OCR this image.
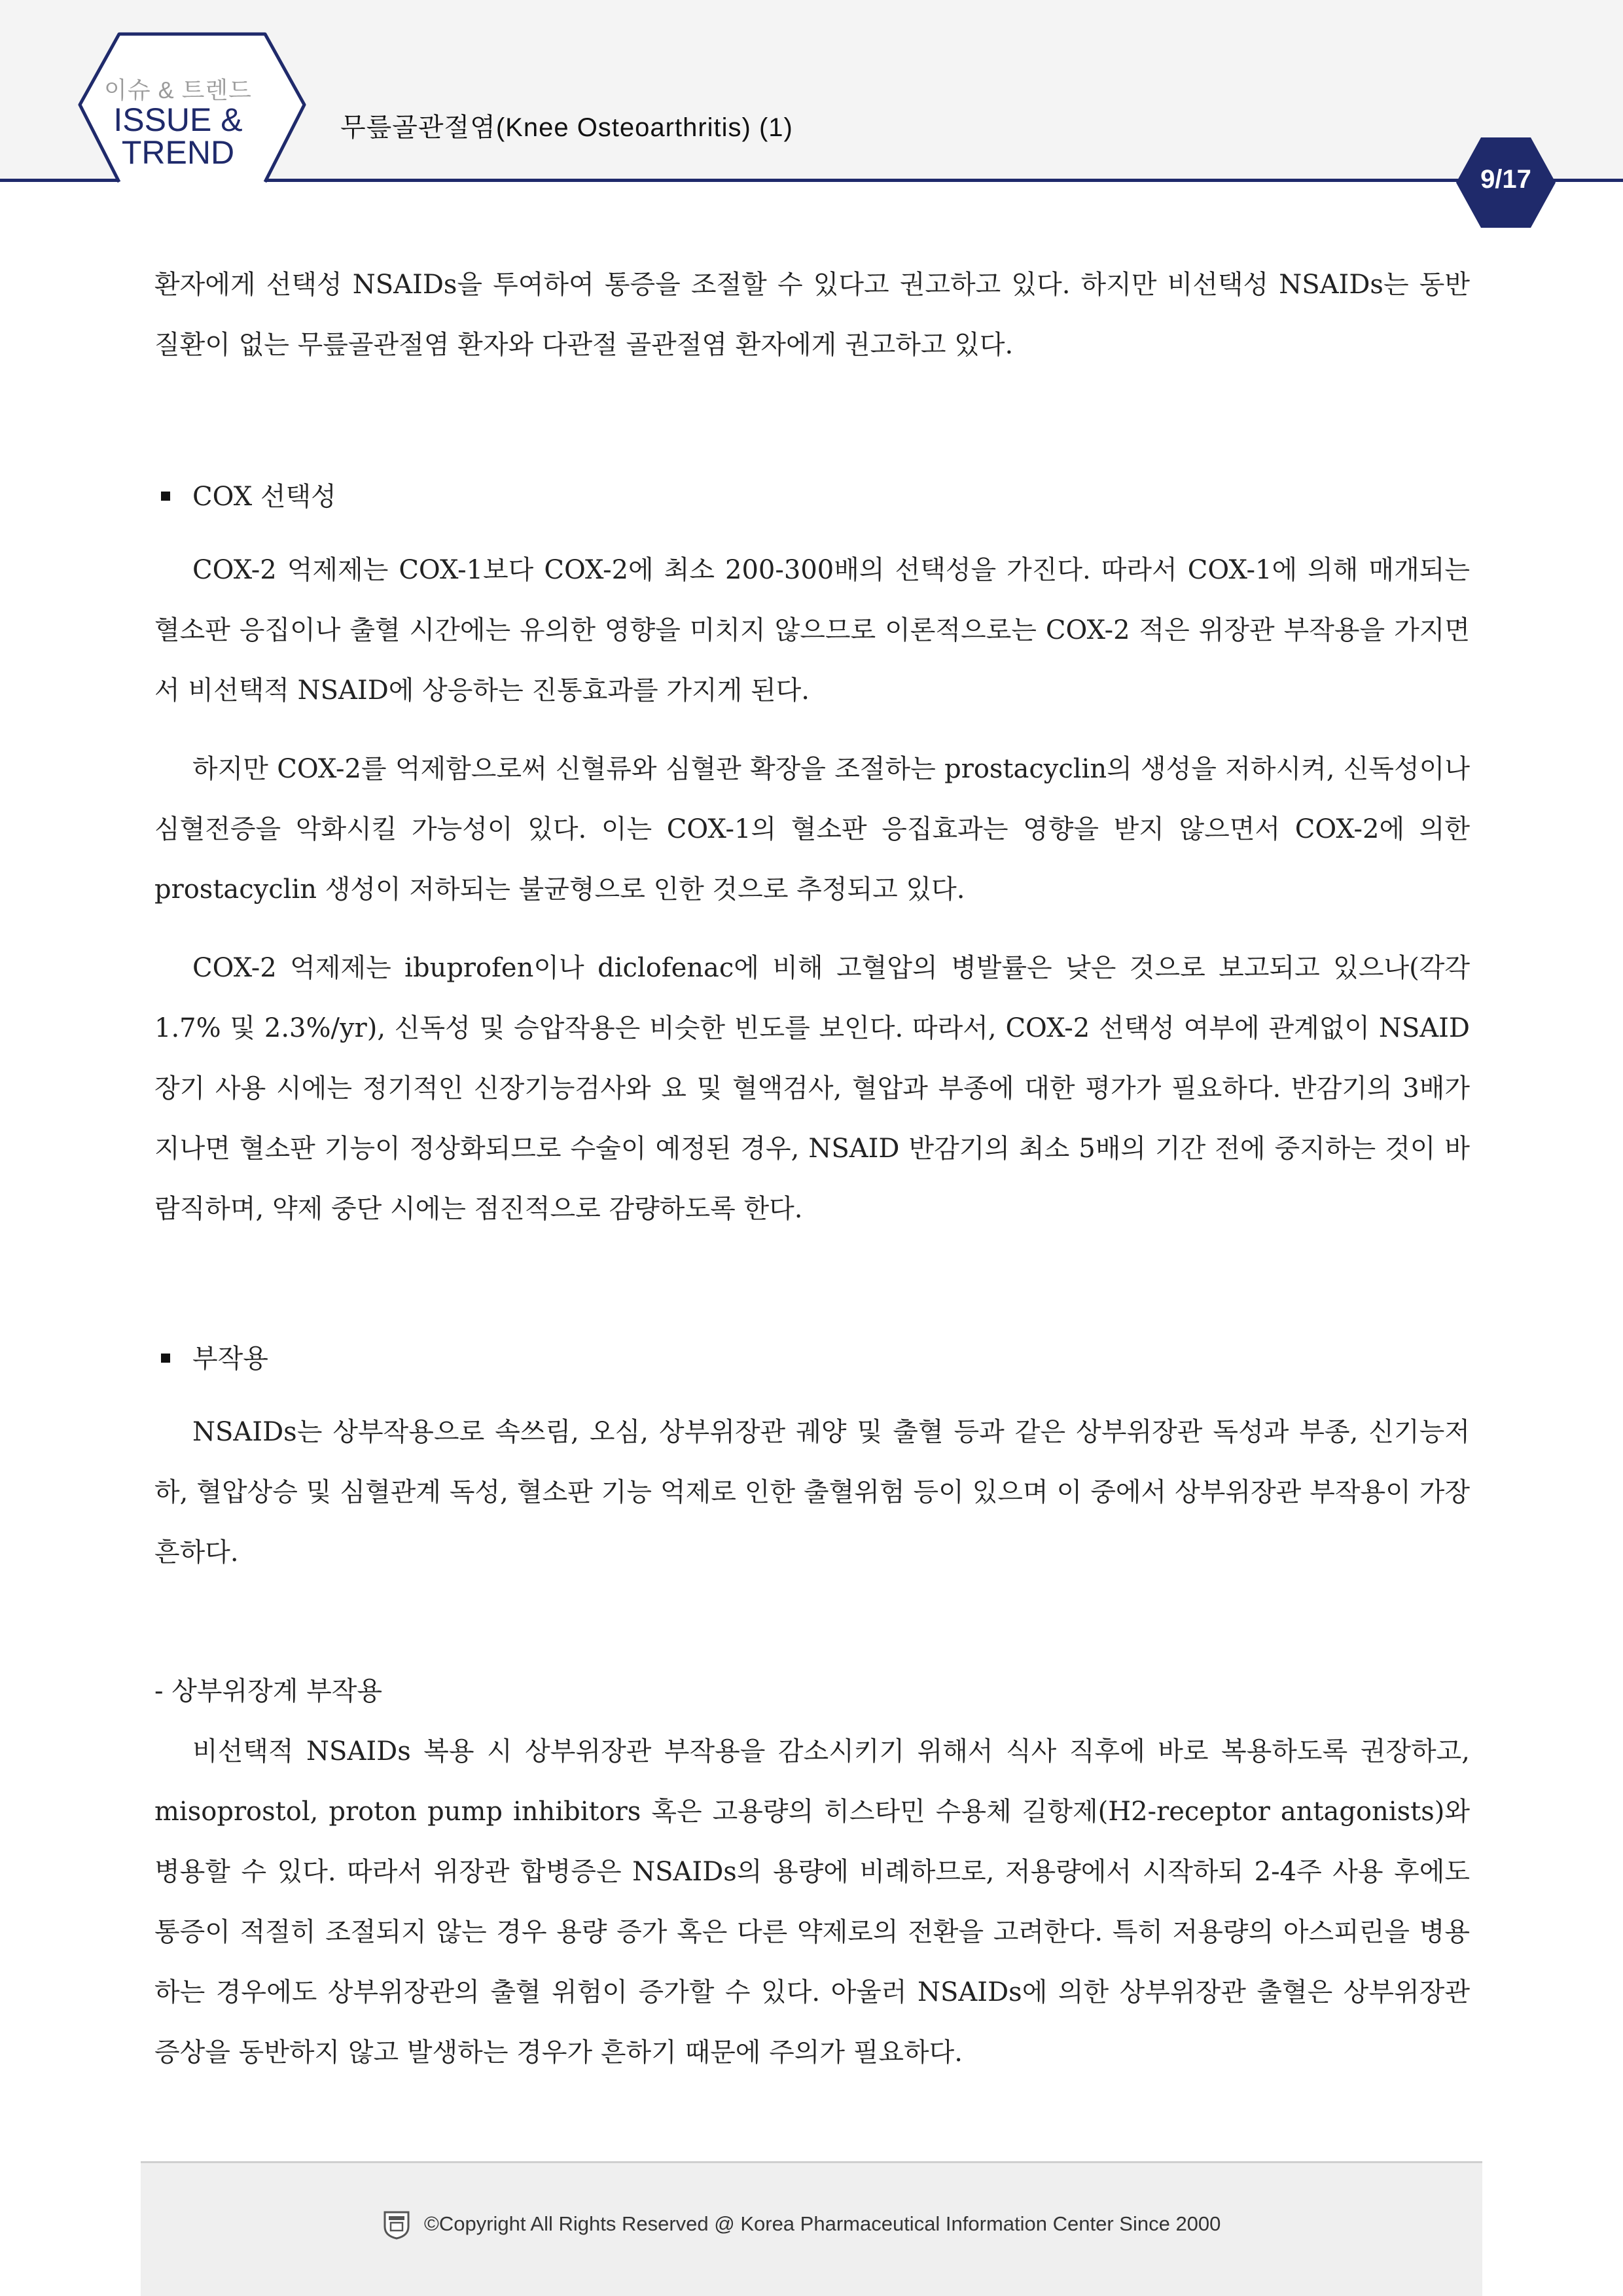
이슈 & 트렌드
ISSUE &
TREND
무릎골관절염(Knee Osteoarthritis) (1)
9/17

환자에게 선택성 NSAIDs을 투여하여 통증을 조절할 수 있다고 권고하고 있다. 하지만 비선택성 NSAIDs는 동반 질환이 없는 무릎골관절염 환자와 다관절 골관절염 환자에게 권고하고 있다.

COX 선택성

COX-2 억제제는 COX-1보다 COX-2에 최소 200-300배의 선택성을 가진다. 따라서 COX-1에 의해 매개되는 혈소판 응집이나 출혈 시간에는 유의한 영향을 미치지 않으므로 이론적으로는 COX-2 적은 위장관 부작용을 가지면서 비선택적 NSAID에 상응하는 진통효과를 가지게 된다.

하지만 COX-2를 억제함으로써 신혈류와 심혈관 확장을 조절하는 prostacyclin의 생성을 저하시켜, 신독성이나 심혈전증을 악화시킬 가능성이 있다. 이는 COX-1의 혈소판 응집효과는 영향을 받지 않으면서 COX-2에 의한 prostacyclin 생성이 저하되는 불균형으로 인한 것으로 추정되고 있다.

COX-2 억제제는 ibuprofen이나 diclofenac에 비해 고혈압의 병발률은 낮은 것으로 보고되고 있으나(각각 1.7% 및 2.3%/yr), 신독성 및 승압작용은 비슷한 빈도를 보인다. 따라서, COX-2 선택성 여부에 관계없이 NSAID 장기 사용 시에는 정기적인 신장기능검사와 요 및 혈액검사, 혈압과 부종에 대한 평가가 필요하다. 반감기의 3배가 지나면 혈소판 기능이 정상화되므로 수술이 예정된 경우, NSAID 반감기의 최소 5배의 기간 전에 중지하는 것이 바람직하며, 약제 중단 시에는 점진적으로 감량하도록 한다.

부작용

NSAIDs는 상부작용으로 속쓰림, 오심, 상부위장관 궤양 및 출혈 등과 같은 상부위장관 독성과 부종, 신기능저하, 혈압상승 및 심혈관계 독성, 혈소판 기능 억제로 인한 출혈위험 등이 있으며 이 중에서 상부위장관 부작용이 가장 흔하다.

- 상부위장계 부작용

비선택적 NSAIDs 복용 시 상부위장관 부작용을 감소시키기 위해서 식사 직후에 바로 복용하도록 권장하고, misoprostol, proton pump inhibitors 혹은 고용량의 히스타민 수용체 길항제(H2-receptor antagonists)와 병용할 수 있다. 따라서 위장관 합병증은 NSAIDs의 용량에 비례하므로, 저용량에서 시작하되 2-4주 사용 후에도 통증이 적절히 조절되지 않는 경우 용량 증가 혹은 다른 약제로의 전환을 고려한다. 특히 저용량의 아스피린을 병용하는 경우에도 상부위장관의 출혈 위험이 증가할 수 있다. 아울러 NSAIDs에 의한 상부위장관 출혈은 상부위장관 증상을 동반하지 않고 발생하는 경우가 흔하기 때문에 주의가 필요하다.

©Copyright All Rights Reserved @ Korea Pharmaceutical Information Center Since 2000
